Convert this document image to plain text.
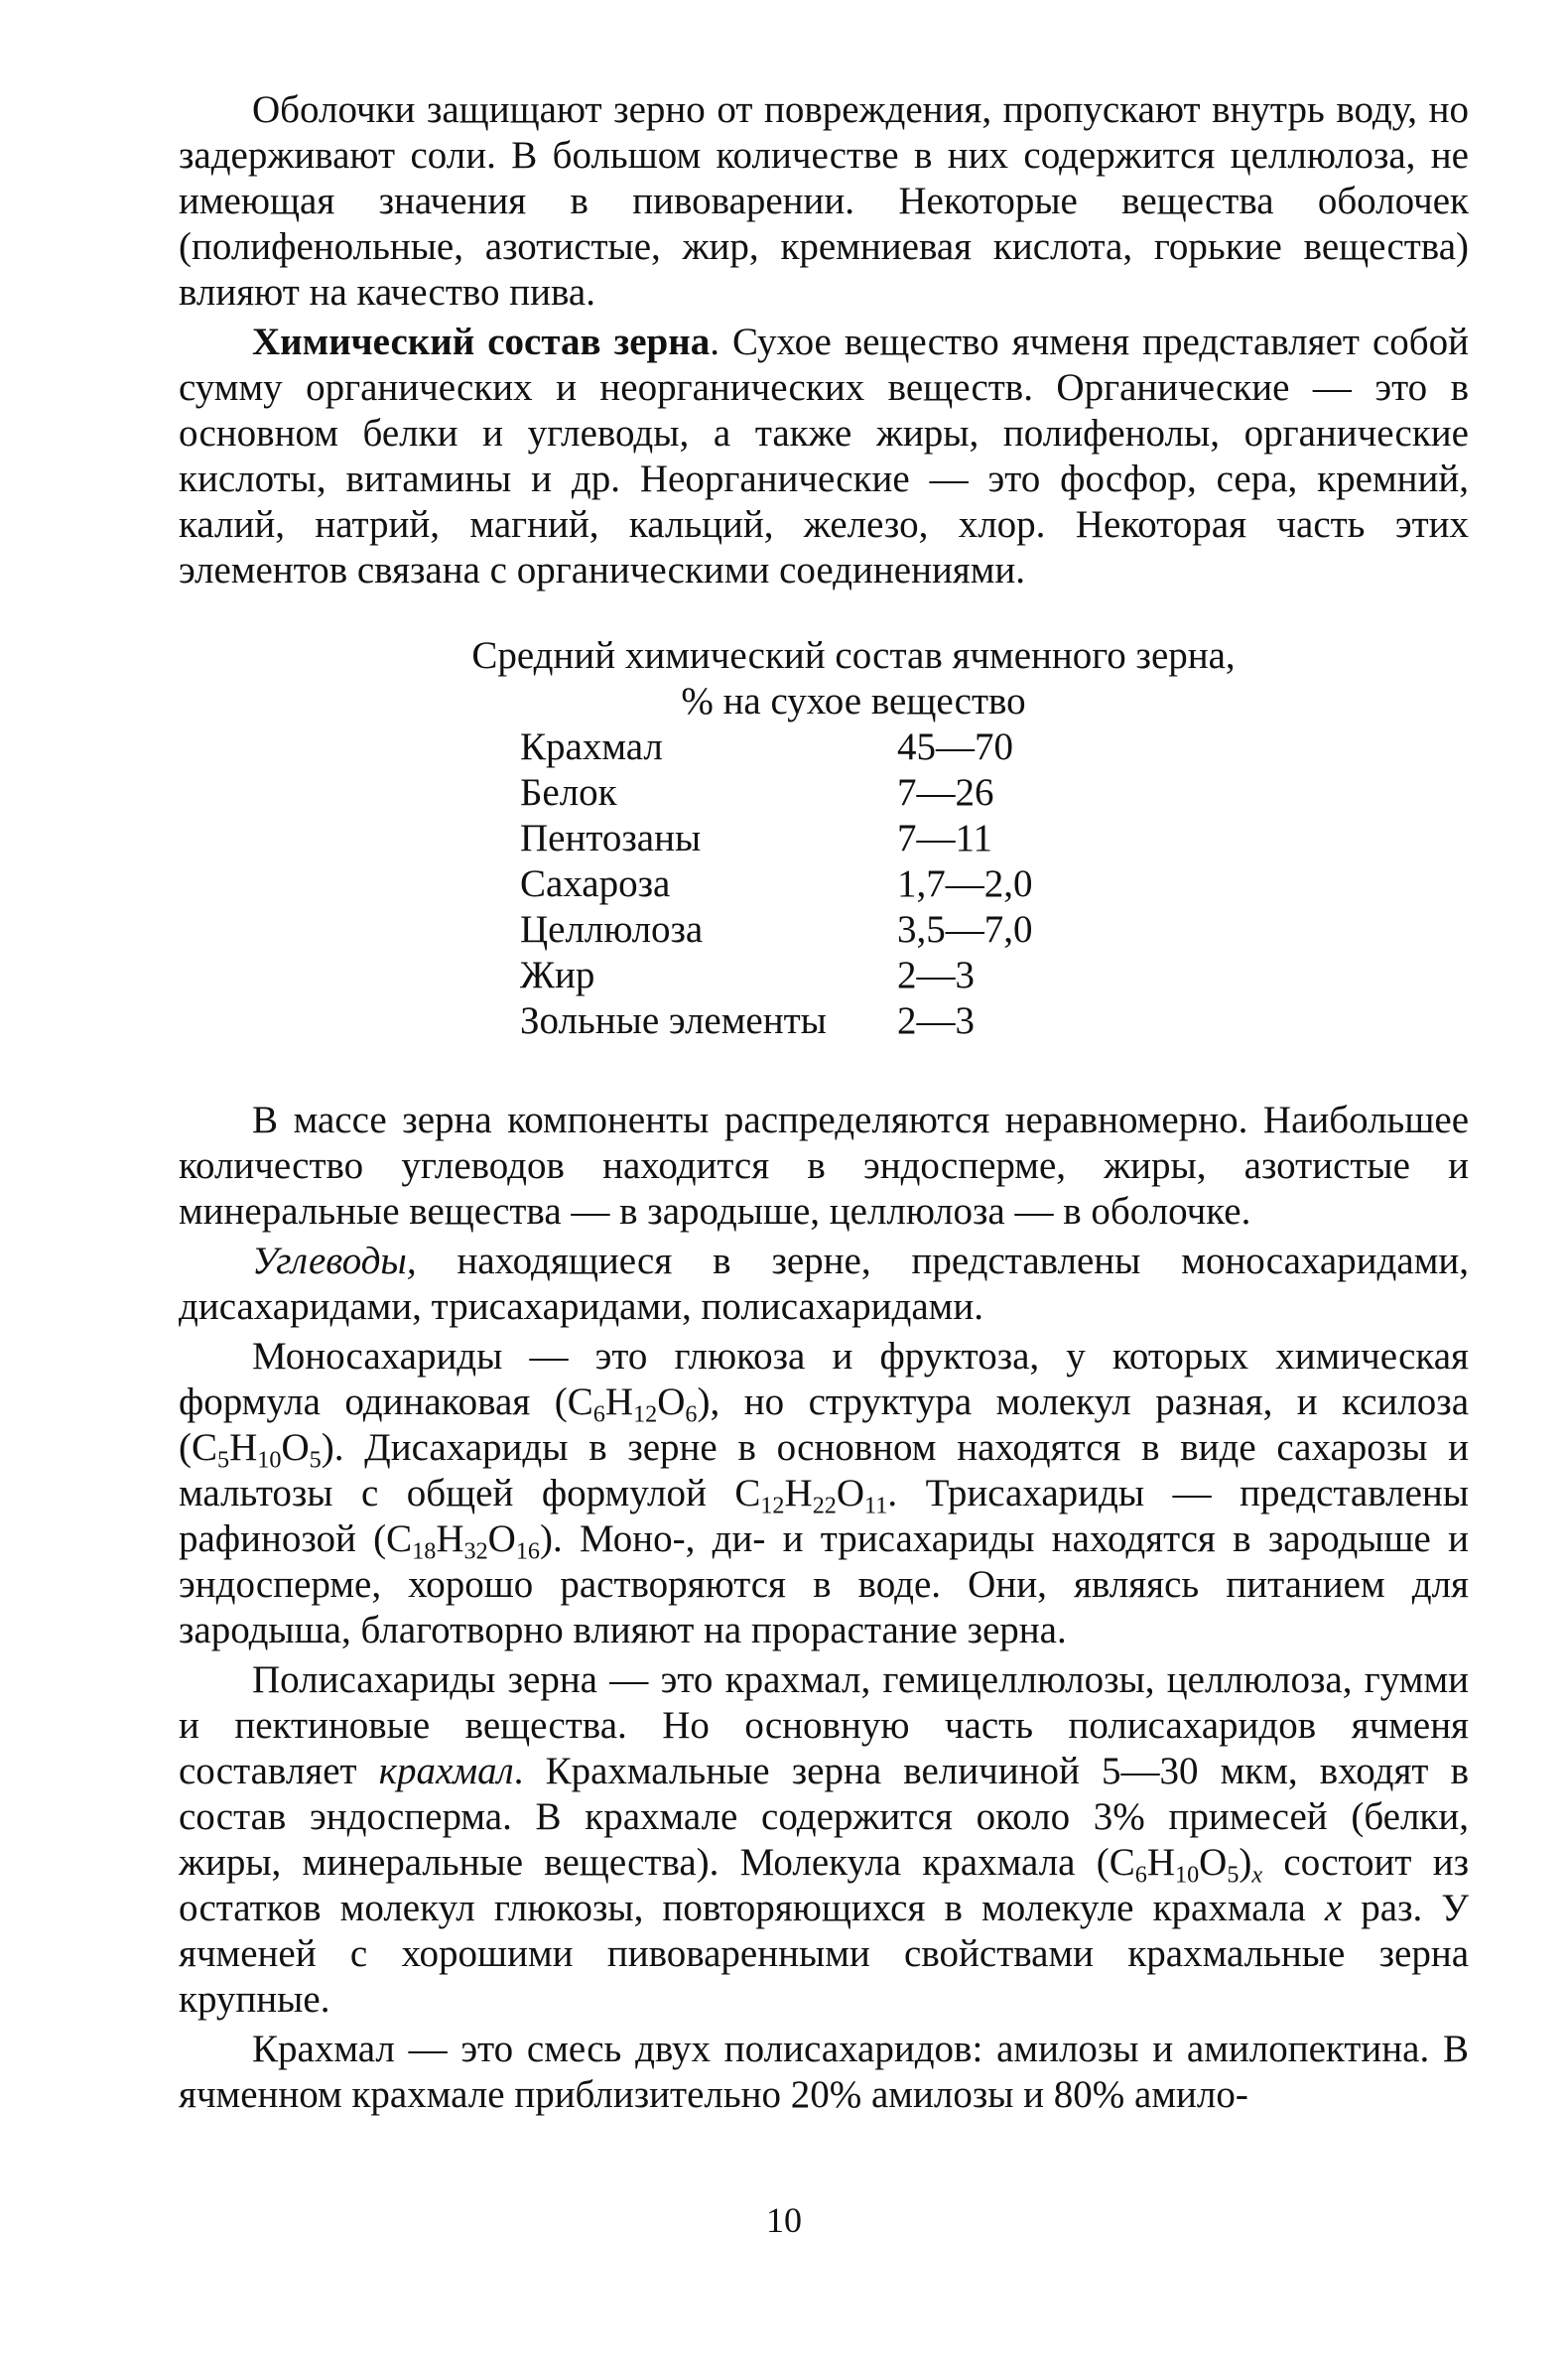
Оболочки защищают зерно от повреждения, пропускают внутрь воду, но задерживают соли. В большом количестве в них содержится целлюлоза, не имеющая значения в пивоварении. Некоторые вещества оболочек (полифенольные, азотистые, жир, кремниевая кислота, горькие вещества) влияют на качество пива.

Химический состав зерна. Сухое вещество ячменя представляет собой сумму органических и неорганических веществ. Органические — это в основном белки и углеводы, а также жиры, полифенолы, органические кислоты, витамины и др. Неорганические — это фосфор, сера, кремний, калий, натрий, магний, кальций, железо, хлор. Некоторая часть этих элементов связана с органическими соединениями.

Средний химический состав ячменного зерна,

% на сухое вещество

Крахмал	45—70
Белок	7—26
Пентозаны	7—11
Сахароза	1,7—2,0
Целлюлоза	3,5—7,0
Жир	2—3
Зольные элементы	2—3

В массе зерна компоненты распределяются неравномерно. Наибольшее количество углеводов находится в эндосперме, жиры, азотистые и минеральные вещества — в зародыше, целлюлоза — в оболочке.

Углеводы, находящиеся в зерне, представлены моносахаридами, дисахаридами, трисахаридами, полисахаридами.

Моносахариды — это глюкоза и фруктоза, у которых химическая формула одинаковая $(C_6H_{12}O_6)$, но структура молекул разная, и ксилоза $(C_5H_{10}O_5)$. Дисахариды в зерне в основном находятся в виде сахарозы и мальтозы с общей формулой $C_{12}H_{22}O_{11}$. Трисахариды — представлены рафинозой $(C_{18}H_{32}O_{16})$. Моно-, ди- и трисахариды находятся в зародыше и эндосперме, хорошо растворяются в воде. Они, являясь питанием для зародыша, благотворно влияют на прорастание зерна.

Полисахариды зерна — это крахмал, гемицеллюлозы, целлюлоза, гумми и пектиновые вещества. Но основную часть полисахаридов ячменя составляет крахмал. Крахмальные зерна величиной 5—30 мкм, входят в состав эндосперма. В крахмале содержится около 3% примесей (белки, жиры, минеральные вещества). Молекула крахмала $(C_6H_{10}O_5)_x$ состоит из остатков молекул глюкозы, повторяющихся в молекуле крахмала x раз. У ячменей с хорошими пивоваренными свойствами крахмальные зерна крупные.

Крахмал — это смесь двух полисахаридов: амилозы и амилопектина. В ячменном крахмале приблизительно 20% амилозы и 80% амило-

10
